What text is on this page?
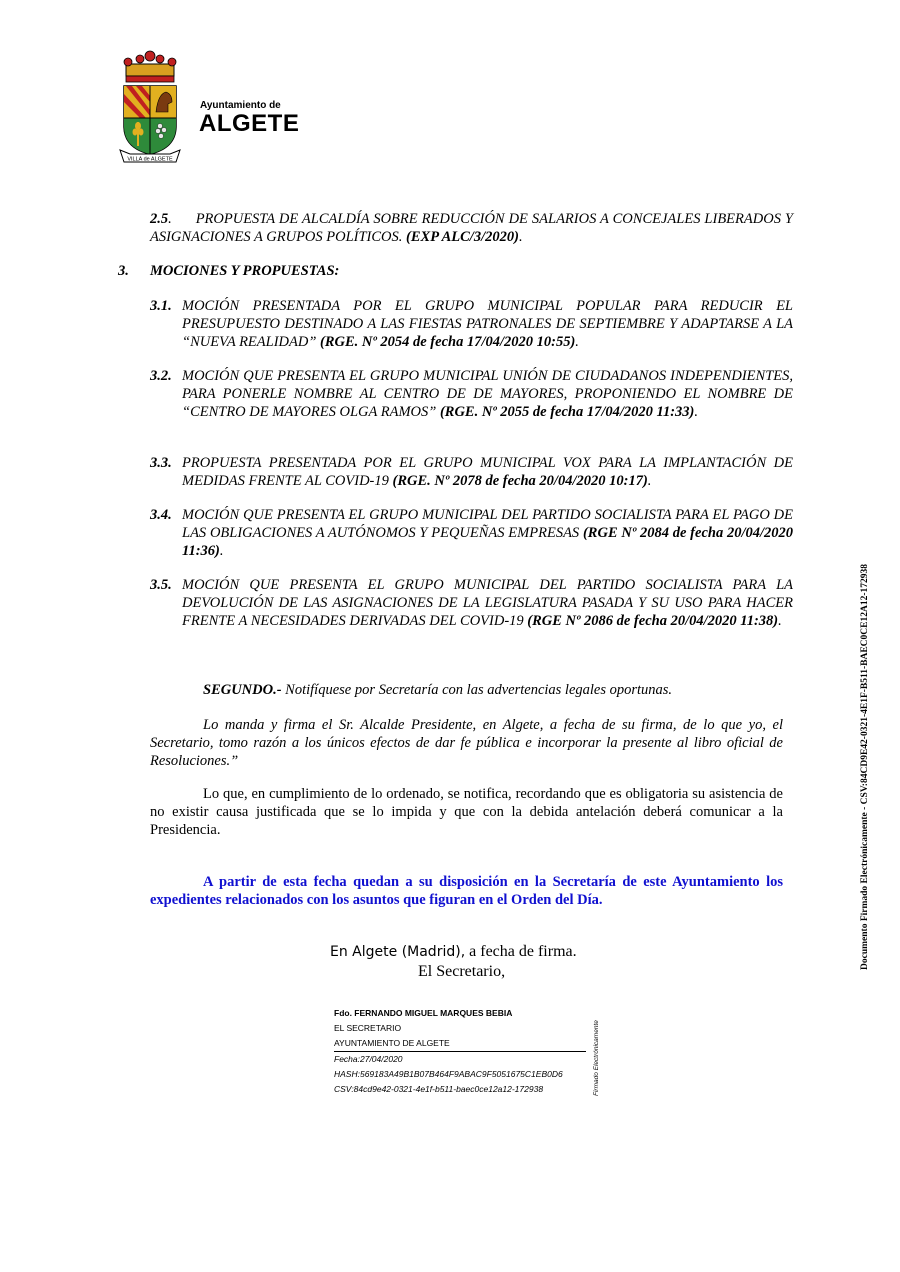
VILLA de ALGETE
Ayuntamiento de
ALGETE
2.5.      PROPUESTA DE ALCALDÍA SOBRE REDUCCIÓN DE SALARIOS A CONCEJALES LIBERADOS Y ASIGNACIONES A GRUPOS POLÍTICOS. (EXP ALC/3/2020).
3. MOCIONES Y PROPUESTAS:
3.1. MOCIÓN PRESENTADA POR EL GRUPO MUNICIPAL POPULAR PARA REDUCIR EL PRESUPUESTO DESTINADO A LAS FIESTAS PATRONALES DE SEPTIEMBRE Y ADAPTARSE A LA “NUEVA REALIDAD” (RGE. Nº 2054 de fecha 17/04/2020 10:55).
3.2. MOCIÓN QUE PRESENTA EL GRUPO MUNICIPAL UNIÓN DE CIUDADANOS INDEPENDIENTES, PARA PONERLE NOMBRE AL CENTRO DE DE MAYORES, PROPONIENDO EL NOMBRE DE “CENTRO DE MAYORES OLGA RAMOS” (RGE. Nº 2055 de fecha 17/04/2020 11:33).
3.3. PROPUESTA PRESENTADA POR EL GRUPO MUNICIPAL VOX PARA LA IMPLANTACIÓN DE MEDIDAS FRENTE AL COVID-19 (RGE. Nº 2078 de fecha 20/04/2020 10:17).
3.4. MOCIÓN QUE PRESENTA EL GRUPO MUNICIPAL DEL PARTIDO SOCIALISTA PARA EL PAGO DE LAS OBLIGACIONES A AUTÓNOMOS Y PEQUEÑAS EMPRESAS (RGE Nº 2084 de fecha 20/04/2020 11:36).
3.5. MOCIÓN QUE PRESENTA EL GRUPO MUNICIPAL DEL PARTIDO SOCIALISTA PARA LA DEVOLUCIÓN DE LAS ASIGNACIONES DE LA LEGISLATURA PASADA Y SU USO PARA HACER FRENTE A NECESIDADES DERIVADAS DEL COVID-19 (RGE Nº 2086 de fecha 20/04/2020 11:38).
SEGUNDO.- Notifíquese por Secretaría con las advertencias legales oportunas.
Lo manda y firma el Sr. Alcalde Presidente, en Algete, a fecha de su firma, de lo que yo, el Secretario, tomo razón a los únicos efectos de dar fe pública e incorporar la presente al libro oficial de Resoluciones.”
Lo que, en cumplimiento de lo ordenado, se notifica, recordando que es obligatoria su asistencia de no existir causa justificada que se lo impida y que con la debida antelación deberá comunicar a la Presidencia.
A partir de esta fecha quedan a su disposición en la Secretaría de este Ayuntamiento los expedientes relacionados con los asuntos que figuran en el Orden del Día.
En Algete (Madrid), a fecha de firma.
El Secretario,
Fdo. FERNANDO MIGUEL MARQUES BEBIA
EL SECRETARIO
AYUNTAMIENTO DE ALGETE
Fecha:27/04/2020
HASH:569183A49B1B07B464F9ABAC9F5051675C1EB0D6
CSV:84cd9e42-0321-4e1f-b511-baec0ce12a12-172938	Firmado Electrónicamente
Documento Firmado Electrónicamente - CSV:84CD9E42-0321-4E1F-B511-BAEC0CE12A12-172938
